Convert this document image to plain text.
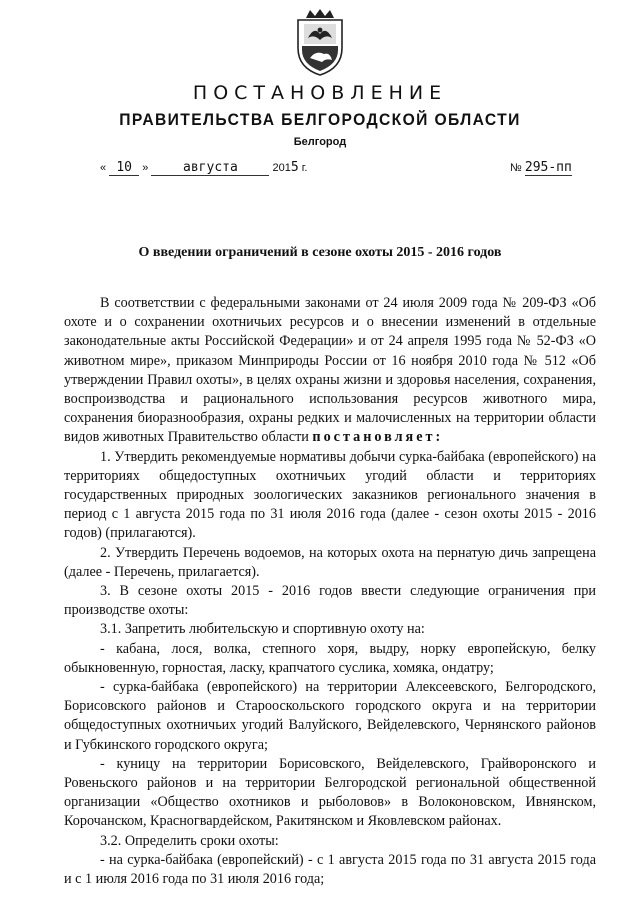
ПОСТАНОВЛЕНИЕ
ПРАВИТЕЛЬСТВА БЕЛГОРОДСКОЙ ОБЛАСТИ
Белгород
« 10 »	августа	2015 г.	№ 295-пп
О введении ограничений в сезоне охоты 2015 - 2016 годов

В соответствии с федеральными законами от 24 июля 2009 года № 209-ФЗ «Об охоте и о сохранении охотничьих ресурсов и о внесении изменений в отдельные законодательные акты Российской Федерации» и от 24 апреля 1995 года № 52-ФЗ «О животном мире», приказом Минприроды России от 16 ноября 2010 года № 512 «Об утверждении Правил охоты», в целях охраны жизни и здоровья населения, сохранения, воспроизводства и рационального использования ресурсов животного мира, сохранения биоразнообразия, охраны редких и малочисленных на территории области видов животных Правительство области постановляет:

1. Утвердить рекомендуемые нормативы добычи сурка-байбака (европейского) на территориях общедоступных охотничьих угодий области и территориях государственных природных зоологических заказников регионального значения в период с 1 августа 2015 года по 31 июля 2016 года (далее - сезон охоты 2015 - 2016 годов) (прилагаются).

2. Утвердить Перечень водоемов, на которых охота на пернатую дичь запрещена (далее - Перечень, прилагается).

3. В сезоне охоты 2015 - 2016 годов ввести следующие ограничения при производстве охоты:

3.1. Запретить любительскую и спортивную охоту на:

- кабана, лося, волка, степного хоря, выдру, норку европейскую, белку обыкновенную, горностая, ласку, крапчатого суслика, хомяка, ондатру;

- сурка-байбака (европейского) на территории Алексеевского, Белгородского, Борисовского районов и Старооскольского городского округа и на территории общедоступных охотничьих угодий Валуйского, Вейделевского, Чернянского районов и Губкинского городского округа;

- куницу на территории Борисовского, Вейделевского, Грайворонского и Ровеньского районов и на территории Белгородской региональной общественной организации «Общество охотников и рыболовов» в Волоконовском, Ивнянском, Корочанском, Красногвардейском, Ракитянском и Яковлевском районах.

3.2. Определить сроки охоты:

- на сурка-байбака (европейский) - с 1 августа 2015 года по 31 августа 2015 года и с 1 июля 2016 года по 31 июля 2016 года;
